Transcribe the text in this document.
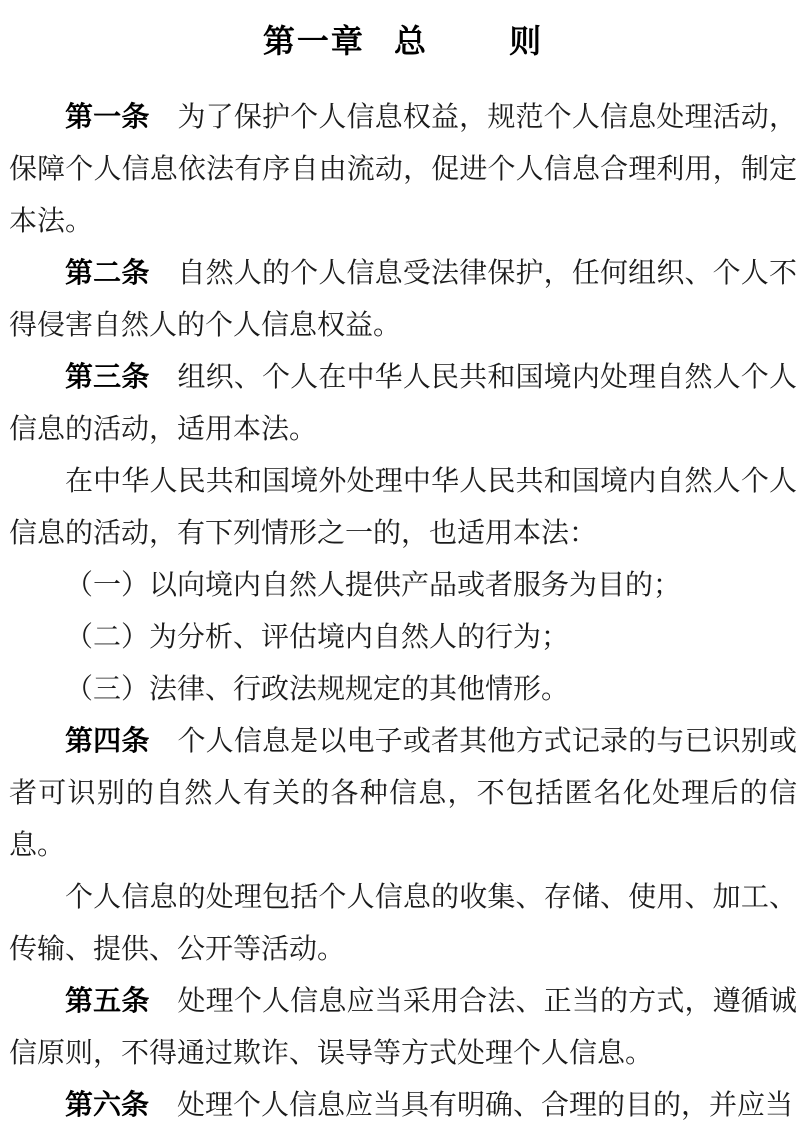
第一章 总	则

第一条 为了保护个人信息权益，规范个人信息处理活动，保障个人信息依法有序自由流动，促进个人信息合理利用，制定本法。

第二条 自然人的个人信息受法律保护，任何组织、个人不得侵害自然人的个人信息权益。

第三条 组织、个人在中华人民共和国境内处理自然人个人信息的活动，适用本法。

在中华人民共和国境外处理中华人民共和国境内自然人个人信息的活动，有下列情形之一的，也适用本法：

（一）以向境内自然人提供产品或者服务为目的；

（二）为分析、评估境内自然人的行为；

（三）法律、行政法规规定的其他情形。

第四条 个人信息是以电子或者其他方式记录的与已识别或者可识别的自然人有关的各种信息，不包括匿名化处理后的信息。

个人信息的处理包括个人信息的收集、存储、使用、加工、传输、提供、公开等活动。

第五条 处理个人信息应当采用合法、正当的方式，遵循诚信原则，不得通过欺诈、误导等方式处理个人信息。

第六条 处理个人信息应当具有明确、合理的目的，并应当
